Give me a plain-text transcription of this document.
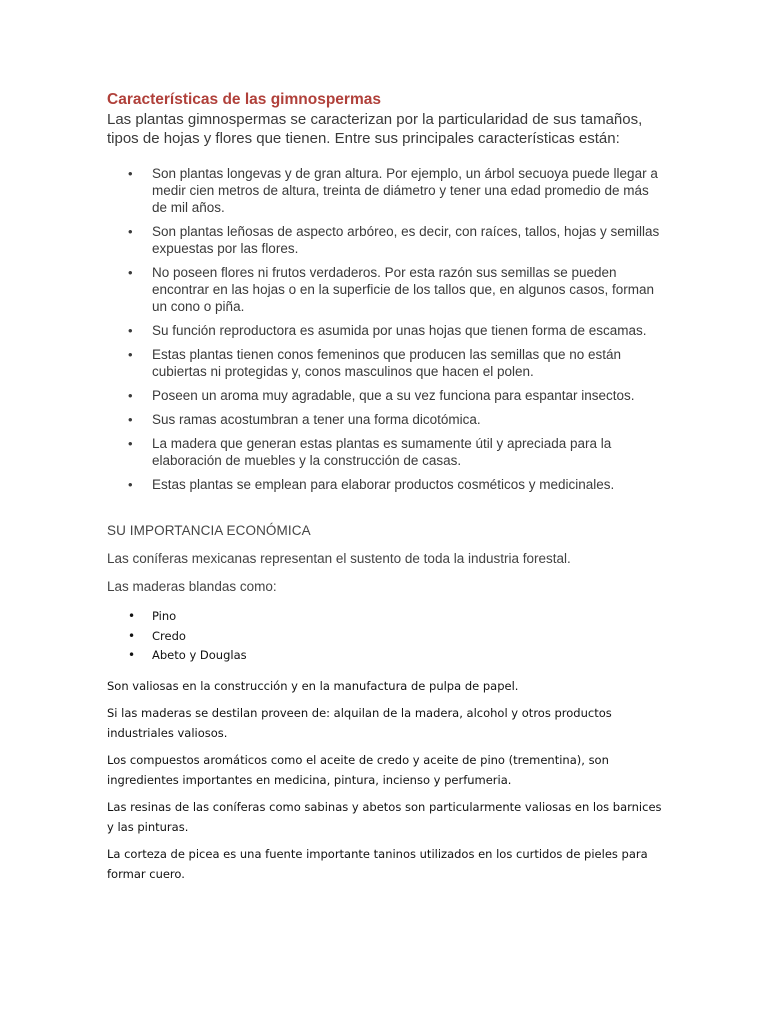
Características de las gimnospermas

Las plantas gimnospermas se caracterizan por la particularidad de sus tamaños, tipos de hojas y flores que tienen. Entre sus principales características están:

• Son plantas longevas y de gran altura. Por ejemplo, un árbol secuoya puede llegar a medir cien metros de altura, treinta de diámetro y tener una edad promedio de más de mil años.
• Son plantas leñosas de aspecto arbóreo, es decir, con raíces, tallos, hojas y semillas expuestas por las flores.
• No poseen flores ni frutos verdaderos. Por esta razón sus semillas se pueden encontrar en las hojas o en la superficie de los tallos que, en algunos casos, forman un cono o piña.
• Su función reproductora es asumida por unas hojas que tienen forma de escamas.
• Estas plantas tienen conos femeninos que producen las semillas que no están cubiertas ni protegidas y, conos masculinos que hacen el polen.
• Poseen un aroma muy agradable, que a su vez funciona para espantar insectos.
• Sus ramas acostumbran a tener una forma dicotómica.
• La madera que generan estas plantas es sumamente útil y apreciada para la elaboración de muebles y la construcción de casas.
• Estas plantas se emplean para elaborar productos cosméticos y medicinales.

SU IMPORTANCIA ECONÓMICA

Las coníferas mexicanas representan el sustento de toda la industria forestal.

Las maderas blandas como:

• Pino
• Credo
• Abeto y Douglas

Son valiosas en la construcción y en la manufactura de pulpa de papel.

Si las maderas se destilan proveen de: alquilan de la madera, alcohol y otros productos industriales valiosos.

Los compuestos aromáticos como el aceite de credo y aceite de pino (trementina), son ingredientes importantes en medicina, pintura, incienso y perfumeria.

Las resinas de las coníferas como sabinas y abetos son particularmente valiosas en los barnices y las pinturas.

La corteza de picea es una fuente importante taninos utilizados en los curtidos de pieles para formar cuero.
